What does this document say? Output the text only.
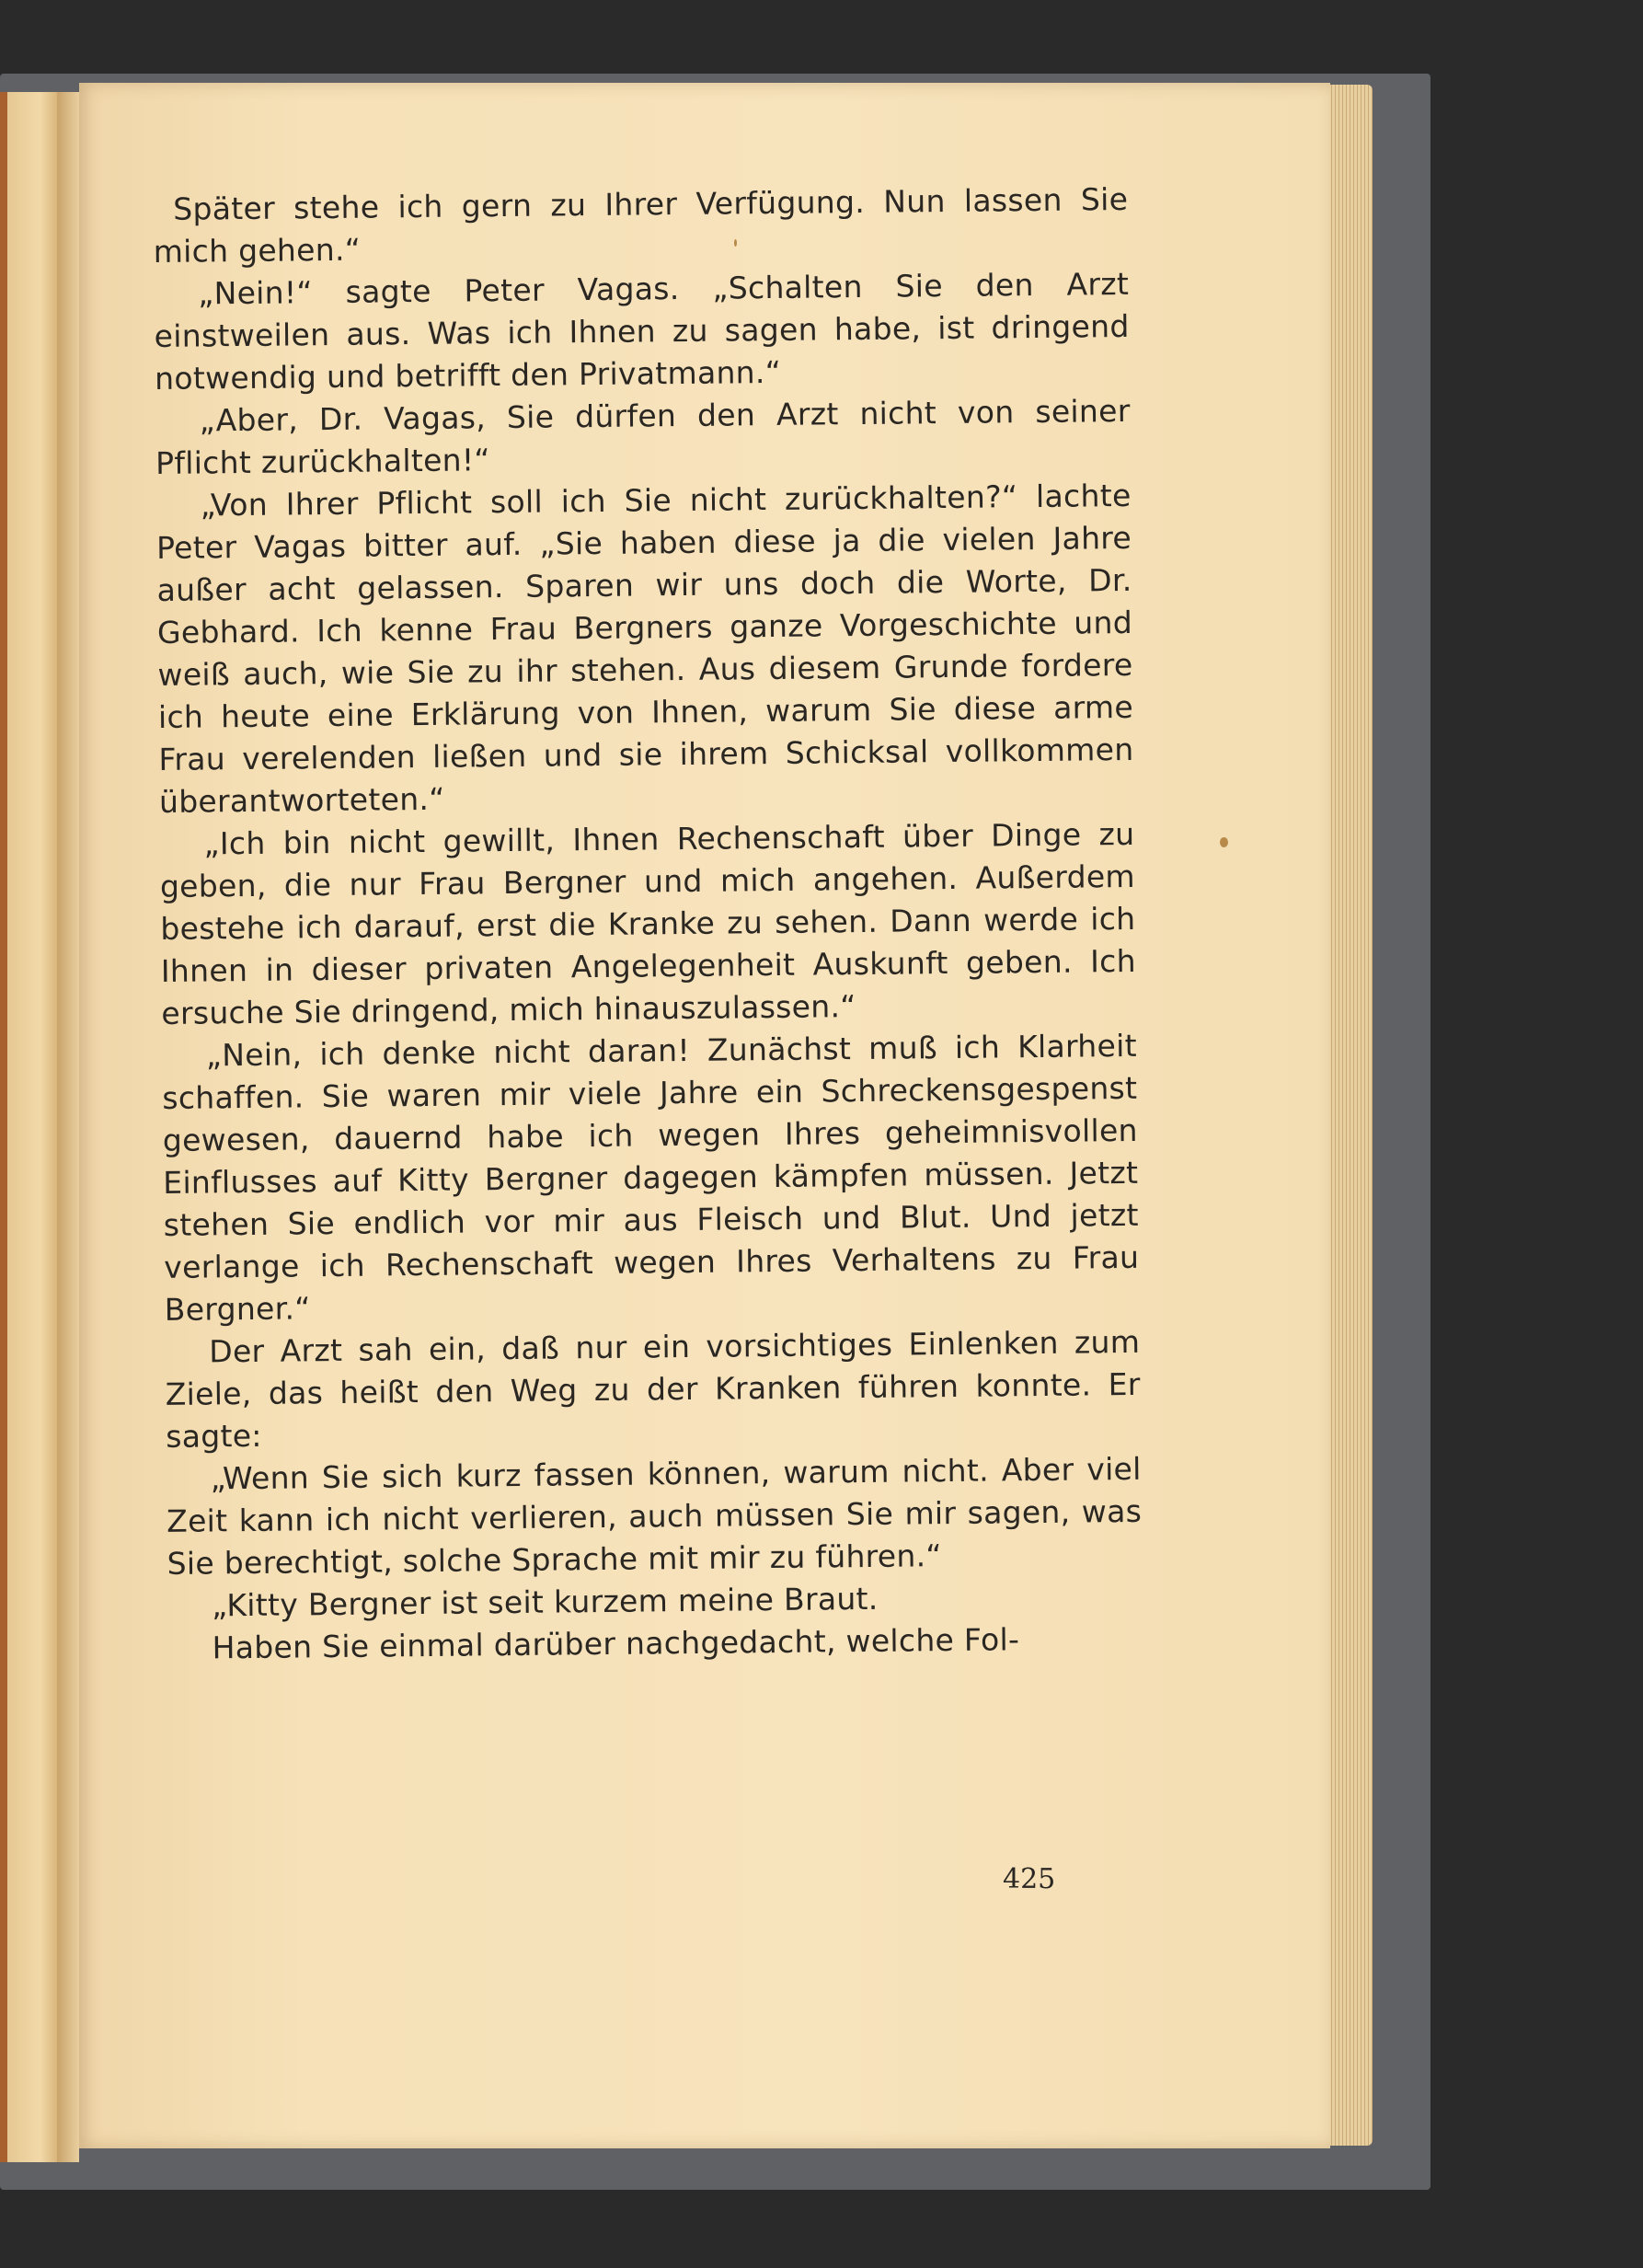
Später stehe ich gern zu Ihrer Verfügung. Nun lassen Sie mich gehen.“

„Nein!“ sagte Peter Vagas. „Schalten Sie den Arzt einstweilen aus. Was ich Ihnen zu sagen habe, ist dringend notwendig und betrifft den Privatmann.“

„Aber, Dr. Vagas, Sie dürfen den Arzt nicht von seiner Pflicht zurückhalten!“

„Von Ihrer Pflicht soll ich Sie nicht zurückhalten?“ lachte Peter Vagas bitter auf. „Sie haben diese ja die vielen Jahre außer acht gelassen. Sparen wir uns doch die Worte, Dr. Gebhard. Ich kenne Frau Bergners ganze Vorgeschichte und weiß auch, wie Sie zu ihr stehen. Aus diesem Grunde fordere ich heute eine Erklärung von Ihnen, warum Sie diese arme Frau verelenden ließen und sie ihrem Schicksal vollkommen überantworteten.“

„Ich bin nicht gewillt, Ihnen Rechenschaft über Dinge zu geben, die nur Frau Bergner und mich angehen. Außerdem bestehe ich darauf, erst die Kranke zu sehen. Dann werde ich Ihnen in dieser privaten Angelegenheit Auskunft geben. Ich ersuche Sie dringend, mich hinauszulassen.“

„Nein, ich denke nicht daran! Zunächst muß ich Klarheit schaffen. Sie waren mir viele Jahre ein Schreckensgespenst gewesen, dauernd habe ich wegen Ihres geheimnisvollen Einflusses auf Kitty Bergner dagegen kämpfen müssen. Jetzt stehen Sie endlich vor mir aus Fleisch und Blut. Und jetzt verlange ich Rechenschaft wegen Ihres Verhaltens zu Frau Bergner.“

Der Arzt sah ein, daß nur ein vorsichtiges Einlenken zum Ziele, das heißt den Weg zu der Kranken führen konnte. Er sagte:

„Wenn Sie sich kurz fassen können, warum nicht. Aber viel Zeit kann ich nicht verlieren, auch müssen Sie mir sagen, was Sie berechtigt, solche Sprache mit mir zu führen.“

„Kitty Bergner ist seit kurzem meine Braut.

Haben Sie einmal darüber nachgedacht, welche Fol-

425
